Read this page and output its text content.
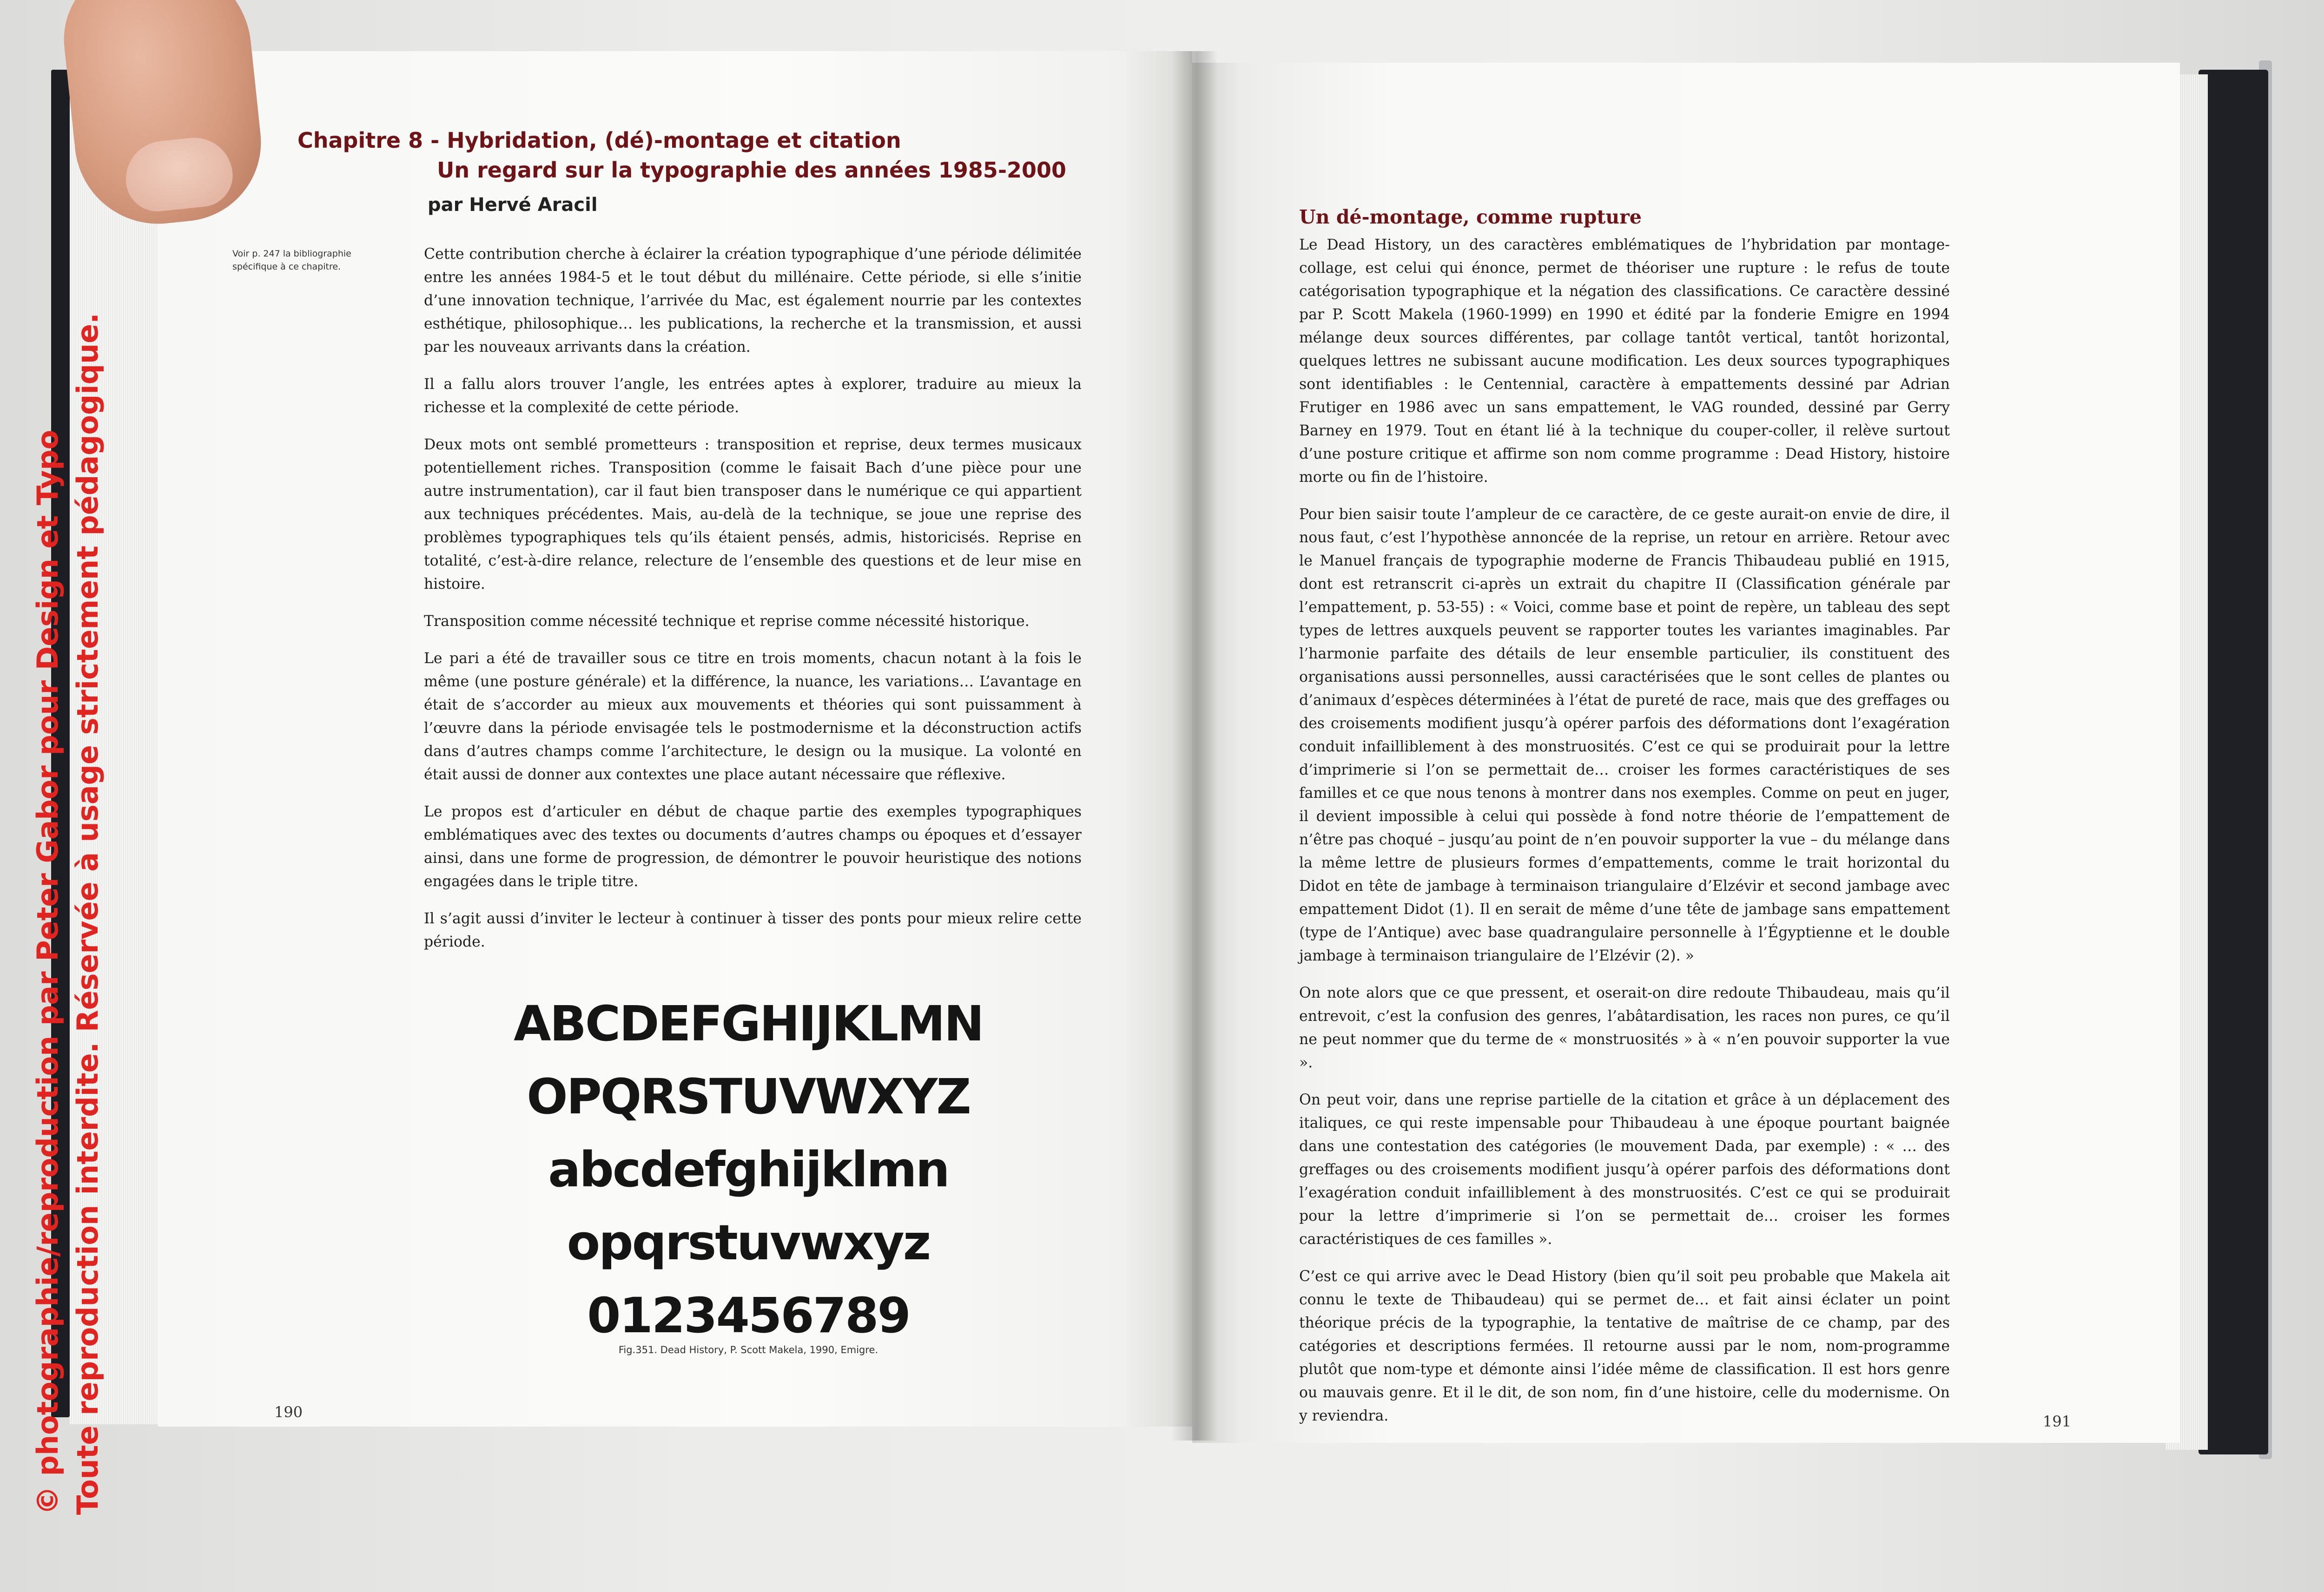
Chapitre 8 - Hybridation, (dé)-montage et citation
Un regard sur la typographie des années 1985-2000

par Hervé Aracil

Voir p. 247 la bibliographie spécifique à ce chapitre.

Cette contribution cherche à éclairer la création typographique d’une période délimitée entre les années 1984-5 et le tout début du millénaire. Cette période, si elle s’initie d’une innovation technique, l’arrivée du Mac, est également nourrie par les contextes esthétique, philosophique… les publications, la recherche et la transmission, et aussi par les nouveaux arrivants dans la création.

Il a fallu alors trouver l’angle, les entrées aptes à explorer, traduire au mieux la richesse et la complexité de cette période.

Deux mots ont semblé prometteurs : transposition et reprise, deux termes musicaux potentiellement riches. Transposition (comme le faisait Bach d’une pièce pour une autre instrumentation), car il faut bien transposer dans le numérique ce qui appartient aux techniques précédentes. Mais, au-delà de la technique, se joue une reprise des problèmes typographiques tels qu’ils étaient pensés, admis, historicisés. Reprise en totalité, c’est-à-dire relance, relecture de l’ensemble des questions et de leur mise en histoire.

Transposition comme nécessité technique et reprise comme nécessité historique.

Le pari a été de travailler sous ce titre en trois moments, chacun notant à la fois le même (une posture générale) et la différence, la nuance, les variations… L’avantage en était de s’accorder au mieux aux mouvements et théories qui sont puissamment à l’œuvre dans la période envisagée tels le postmodernisme et la déconstruction actifs dans d’autres champs comme l’architecture, le design ou la musique. La volonté en était aussi de donner aux contextes une place autant nécessaire que réflexive.

Le propos est d’articuler en début de chaque partie des exemples typographiques emblématiques avec des textes ou documents d’autres champs ou époques et d’essayer ainsi, dans une forme de progression, de démontrer le pouvoir heuristique des notions engagées dans le triple titre.

Il s’agit aussi d’inviter le lecteur à continuer à tisser des ponts pour mieux relire cette période.

ABCDEFGHIJKLMN
OPQRSTUVWXYZ
abcdefghijklmn
opqrstuvwxyz
0123456789

Fig.351. Dead History, P. Scott Makela, 1990, Emigre.

190

Un dé-montage, comme rupture

Le Dead History, un des caractères emblématiques de l’hybridation par montage-collage, est celui qui énonce, permet de théoriser une rupture : le refus de toute catégorisation typographique et la négation des classifications. Ce caractère dessiné par P. Scott Makela (1960-1999) en 1990 et édité par la fonderie Emigre en 1994 mélange deux sources différentes, par collage tantôt vertical, tantôt horizontal, quelques lettres ne subissant aucune modification. Les deux sources typographiques sont identifiables : le Centennial, caractère à empattements dessiné par Adrian Frutiger en 1986 avec un sans empattement, le VAG rounded, dessiné par Gerry Barney en 1979. Tout en étant lié à la technique du couper-coller, il relève surtout d’une posture critique et affirme son nom comme programme : Dead History, histoire morte ou fin de l’histoire.

Pour bien saisir toute l’ampleur de ce caractère, de ce geste aurait-on envie de dire, il nous faut, c’est l’hypothèse annoncée de la reprise, un retour en arrière. Retour avec le Manuel français de typographie moderne de Francis Thibaudeau publié en 1915, dont est retranscrit ci-après un extrait du chapitre II (Classification générale par l’empattement, p. 53-55) : « Voici, comme base et point de repère, un tableau des sept types de lettres auxquels peuvent se rapporter toutes les variantes imaginables. Par l’harmonie parfaite des détails de leur ensemble particulier, ils constituent des organisations aussi personnelles, aussi caractérisées que le sont celles de plantes ou d’animaux d’espèces déterminées à l’état de pureté de race, mais que des greffages ou des croisements modifient jusqu’à opérer parfois des déformations dont l’exagération conduit infailliblement à des monstruosités. C’est ce qui se produirait pour la lettre d’imprimerie si l’on se permettait de… croiser les formes caractéristiques de ses familles et ce que nous tenons à montrer dans nos exemples. Comme on peut en juger, il devient impossible à celui qui possède à fond notre théorie de l’empattement de n’être pas choqué – jusqu’au point de n’en pouvoir supporter la vue – du mélange dans la même lettre de plusieurs formes d’empattements, comme le trait horizontal du Didot en tête de jambage à terminaison triangulaire d’Elzévir et second jambage avec empattement Didot (1). Il en serait de même d’une tête de jambage sans empattement (type de l’Antique) avec base quadrangulaire personnelle à l’Égyptienne et le double jambage à terminaison triangulaire de l’Elzévir (2). »

On note alors que ce que pressent, et oserait-on dire redoute Thibaudeau, mais qu’il entrevoit, c’est la confusion des genres, l’abâtardisation, les races non pures, ce qu’il ne peut nommer que du terme de « monstruosités » à « n’en pouvoir supporter la vue ».

On peut voir, dans une reprise partielle de la citation et grâce à un déplacement des italiques, ce qui reste impensable pour Thibaudeau à une époque pourtant baignée dans une contestation des catégories (le mouvement Dada, par exemple) : « … des greffages ou des croisements modifient jusqu’à opérer parfois des déformations dont l’exagération conduit infailliblement à des monstruosités. C’est ce qui se produirait pour la lettre d’imprimerie si l’on se permettait de… croiser les formes caractéristiques de ces familles ».

C’est ce qui arrive avec le Dead History (bien qu’il soit peu probable que Makela ait connu le texte de Thibaudeau) qui se permet de… et fait ainsi éclater un point théorique précis de la typographie, la tentative de maîtrise de ce champ, par des catégories et descriptions fermées. Il retourne aussi par le nom, nom-programme plutôt que nom-type et démonte ainsi l’idée même de classification. Il est hors genre ou mauvais genre. Et il le dit, de son nom, fin d’une histoire, celle du modernisme. On y reviendra.	191

© photographie/reproduction par Peter Gabor pour Design et Typo Toute reproduction interdite. Réservée à usage strictement pédagogique.
